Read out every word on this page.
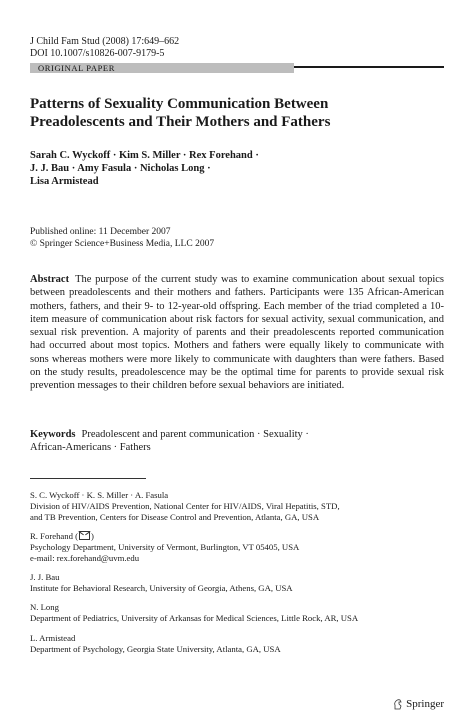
J Child Fam Stud (2008) 17:649–662
DOI 10.1007/s10826-007-9179-5
ORIGINAL PAPER
Patterns of Sexuality Communication Between
Preadolescents and Their Mothers and Fathers
Sarah C. Wyckoff · Kim S. Miller · Rex Forehand ·
J. J. Bau · Amy Fasula · Nicholas Long ·
Lisa Armistead
Published online: 11 December 2007
© Springer Science+Business Media, LLC 2007
Abstract The purpose of the current study was to examine communication about sexual topics between preadolescents and their mothers and fathers. Participants were 135 African-American mothers, fathers, and their 9- to 12-year-old offspring. Each member of the triad completed a 10-item measure of communication about risk factors for sexual activity, sexual communication, and sexual risk prevention. A majority of parents and their preadolescents reported communication had occurred about most topics. Mothers and fathers were equally likely to communicate with sons whereas mothers were more likely to communicate with daughters than were fathers. Based on the study results, preadolescence may be the optimal time for parents to provide sexual risk prevention messages to their children before sexual behaviors are initiated.
Keywords Preadolescent and parent communication · Sexuality ·
African-Americans · Fathers
S. C. Wyckoff · K. S. Miller · A. Fasula
Division of HIV/AIDS Prevention, National Center for HIV/AIDS, Viral Hepatitis, STD,
and TB Prevention, Centers for Disease Control and Prevention, Atlanta, GA, USA
R. Forehand ( )
Psychology Department, University of Vermont, Burlington, VT 05405, USA
e-mail: rex.forehand@uvm.edu
J. J. Bau
Institute for Behavioral Research, University of Georgia, Athens, GA, USA
N. Long
Department of Pediatrics, University of Arkansas for Medical Sciences, Little Rock, AR, USA
L. Armistead
Department of Psychology, Georgia State University, Atlanta, GA, USA
Springer
